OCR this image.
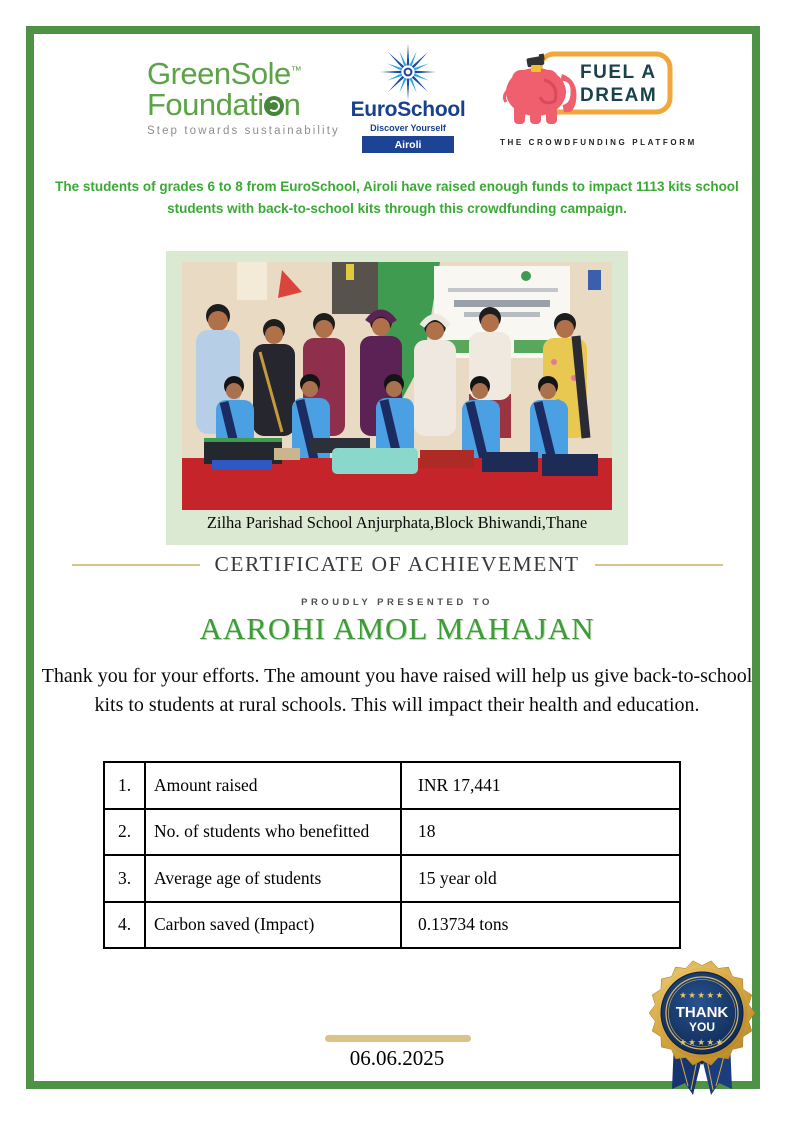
GreenSole™
Foundati n
Step towards sustainability
EuroSchool
Discover Yourself
Airoli
FUEL A
DREAM
THE CROWDFUNDING PLATFORM
The students of grades 6 to 8 from EuroSchool, Airoli have raised enough funds to impact 1113 kits school students with back-to-school kits through this crowdfunding campaign.
Zilha Parishad School Anjurphata,Block Bhiwandi,Thane
CERTIFICATE OF ACHIEVEMENT
PROUDLY PRESENTED TO
AAROHI AMOL MAHAJAN
Thank you for your efforts. The amount you have raised will help us give back-to-school kits to students at rural schools. This will impact their health and education.
1.	Amount raised	INR 17,441
2.	No. of students who benefitted	18
3.	Average age of students	15 year old
4.	Carbon saved (Impact)	0.13734 tons
06.06.2025
★★★★★
THANK
YOU
★★★★★
